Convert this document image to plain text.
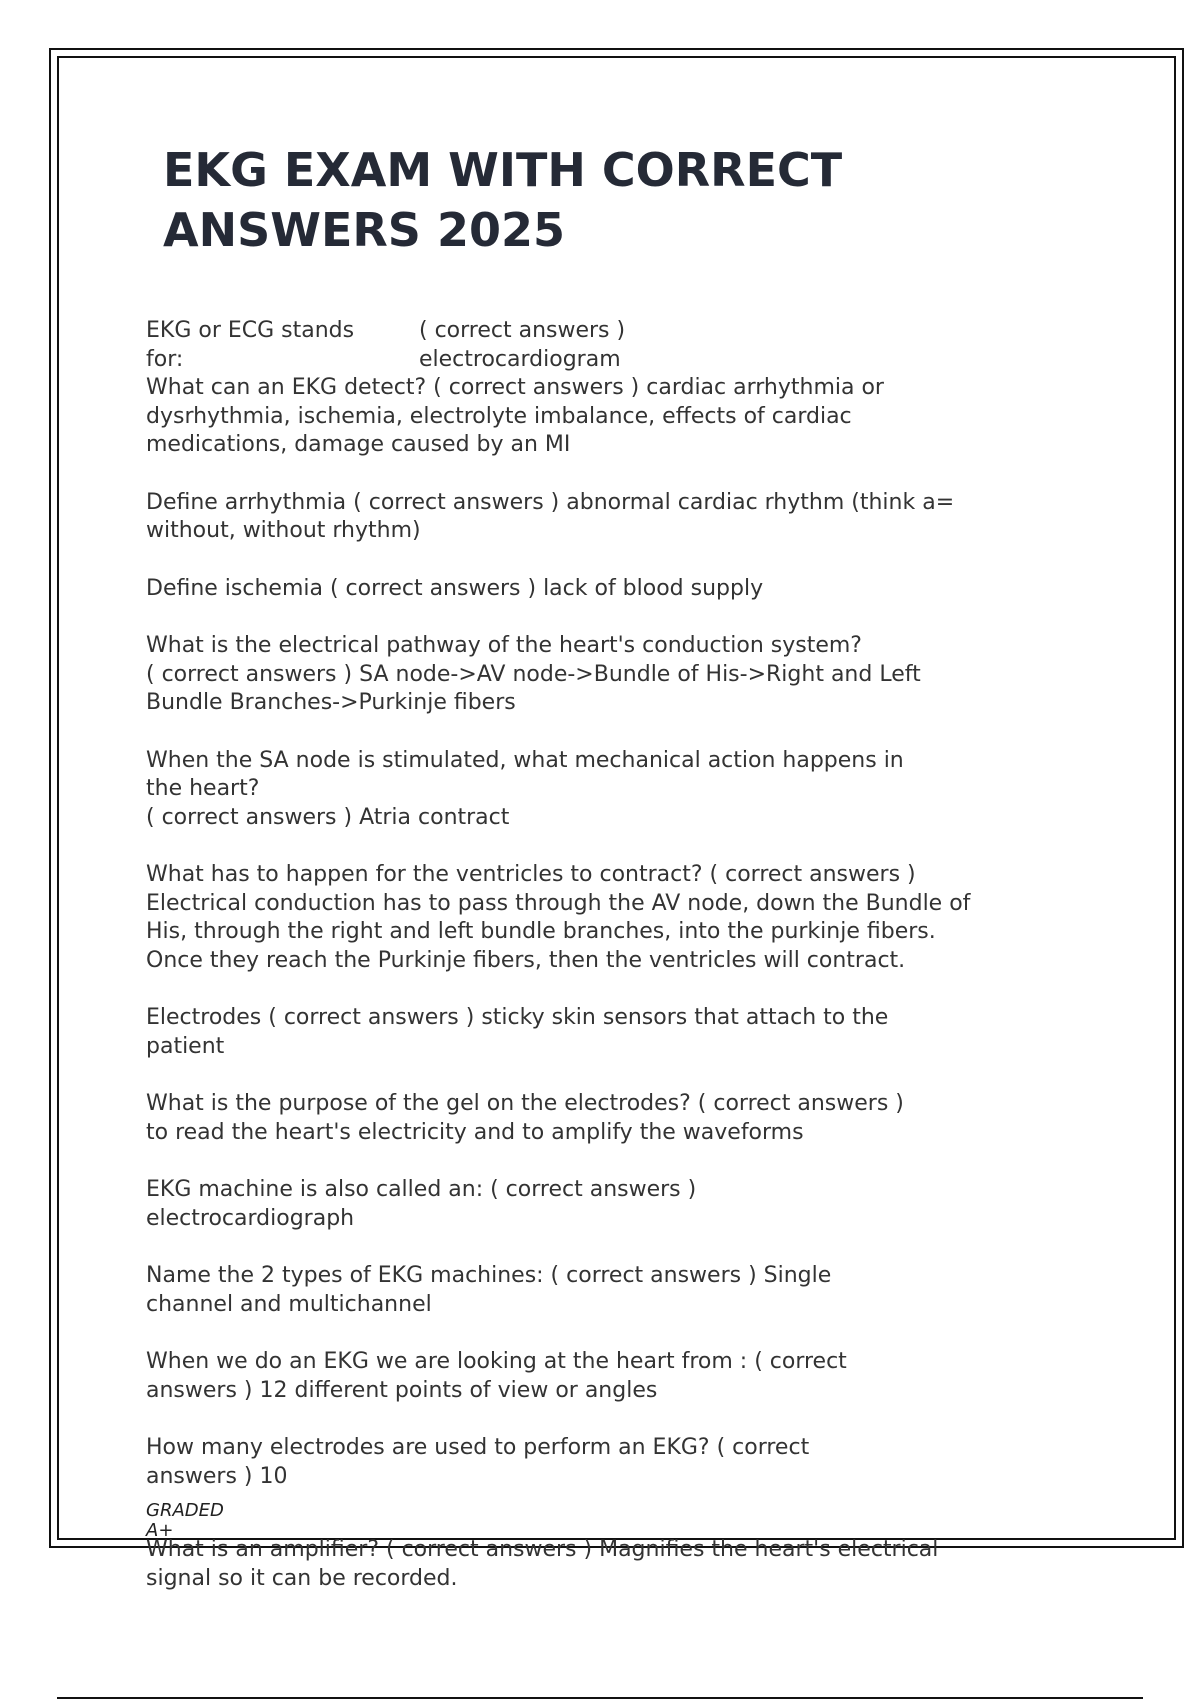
EKG EXAM WITH CORRECT
ANSWERS 2025
EKG or ECG stands
for:
( correct answers )
electrocardiogram
What can an EKG detect? ( correct answers ) cardiac arrhythmia or
dysrhythmia, ischemia, electrolyte imbalance, effects of cardiac
medications, damage caused by an MI
Define arrhythmia ( correct answers ) abnormal cardiac rhythm (think a=
without, without rhythm)
Define ischemia ( correct answers ) lack of blood supply
What is the electrical pathway of the heart's conduction system?
( correct answers ) SA node->AV node->Bundle of His->Right and Left
Bundle Branches->Purkinje fibers
When the SA node is stimulated, what mechanical action happens in
the heart?
( correct answers ) Atria contract
What has to happen for the ventricles to contract? ( correct answers )
Electrical conduction has to pass through the AV node, down the Bundle of
His, through the right and left bundle branches, into the purkinje fibers.
Once they reach the Purkinje fibers, then the ventricles will contract.
Electrodes ( correct answers ) sticky skin sensors that attach to the
patient
What is the purpose of the gel on the electrodes? ( correct answers )
to read the heart's electricity and to amplify the waveforms
EKG machine is also called an: ( correct answers )
electrocardiograph
Name the 2 types of EKG machines: ( correct answers ) Single
channel and multichannel
When we do an EKG we are looking at the heart from : ( correct
answers ) 12 different points of view or angles
How many electrodes are used to perform an EKG? ( correct
answers ) 10
GRADED
A+
What is an amplifier? ( correct answers ) Magnifies the heart's electrical
signal so it can be recorded.
